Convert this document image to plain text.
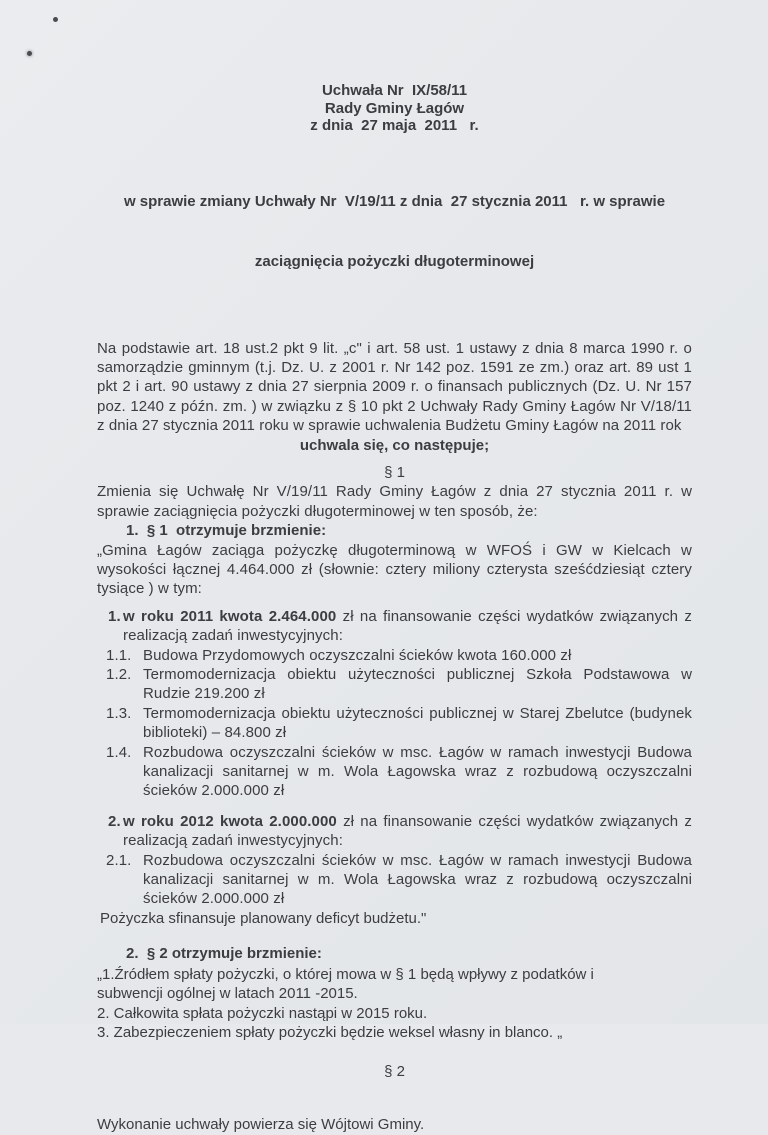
Uchwała Nr  IX/58/11
Rady Gminy Łagów
z dnia  27 maja  2011   r.

w sprawie zmiany Uchwały Nr  V/19/11 z dnia  27 stycznia 2011   r. w sprawie

zaciągnięcia pożyczki długoterminowej

Na podstawie art. 18 ust.2 pkt 9 lit. „c" i art. 58 ust. 1 ustawy z dnia 8 marca 1990 r. o samorządzie gminnym (t.j. Dz. U. z 2001 r. Nr 142 poz. 1591 ze zm.) oraz art. 89 ust 1 pkt 2 i art. 90 ustawy z dnia 27 sierpnia 2009 r. o finansach publicznych (Dz. U. Nr 157 poz. 1240 z późn. zm. ) w związku z § 10 pkt 2 Uchwały Rady Gminy Łagów Nr V/18/11 z dnia 27 stycznia 2011 roku w sprawie uchwalenia Budżetu Gminy Łagów na 2011 rok
uchwala się, co następuje;
§ 1
Zmienia się Uchwałę Nr V/19/11 Rady Gminy Łagów z dnia 27 stycznia 2011 r. w sprawie zaciągnięcia pożyczki długoterminowej w ten sposób, że:
1.  § 1  otrzymuje brzmienie:
„Gmina Łagów zaciąga pożyczkę długoterminową w WFOŚ i GW w Kielcach w wysokości łącznej 4.464.000 zł (słownie: cztery miliony czterysta sześćdziesiąt cztery tysiące ) w tym:
1. w roku 2011 kwota 2.464.000 zł na finansowanie części wydatków związanych z realizacją zadań inwestycyjnych:
1.1. Budowa Przydomowych oczyszczalni ścieków kwota 160.000 zł
1.2. Termomodernizacja obiektu użyteczności publicznej Szkoła Podstawowa w Rudzie 219.200 zł
1.3. Termomodernizacja obiektu użyteczności publicznej w Starej Zbelutce (budynek biblioteki) – 84.800 zł
1.4. Rozbudowa oczyszczalni ścieków w msc. Łagów w ramach inwestycji Budowa kanalizacji sanitarnej w m. Wola Łagowska wraz z rozbudową oczyszczalni ścieków 2.000.000 zł
2. w roku 2012 kwota 2.000.000 zł na finansowanie części wydatków związanych z realizacją zadań inwestycyjnych:
2.1. Rozbudowa oczyszczalni ścieków w msc. Łagów w ramach inwestycji Budowa kanalizacji sanitarnej w m. Wola Łagowska wraz z rozbudową oczyszczalni ścieków 2.000.000 zł
Pożyczka sfinansuje planowany deficyt budżetu."
2.  § 2 otrzymuje brzmienie:
„1.Źródłem spłaty pożyczki, o której mowa w § 1 będą wpływy z podatków i
subwencji ogólnej w latach 2011 -2015.
2. Całkowita spłata pożyczki nastąpi w 2015 roku.
3. Zabezpieczeniem spłaty pożyczki będzie weksel własny in blanco. „
§ 2
Wykonanie uchwały powierza się Wójtowi Gminy.
